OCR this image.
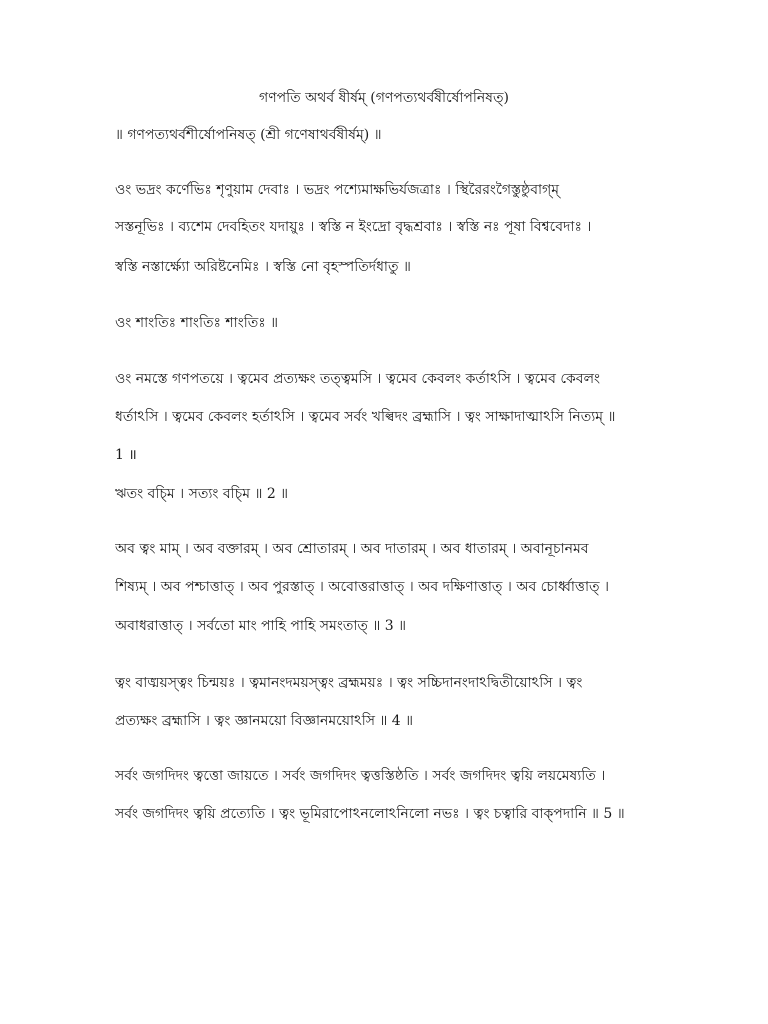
গণপতি অথর্ব ষীর্ষম্ (গণপত্যথর্বষীর্ষোপনিষত্)
॥ গণপত্যথর্বশীর্ষোপনিষত্ (শ্রী গণেষাথর্বষীর্ষম্) ॥
ওং ভদ্রং কর্ণেভিঃ শৃণুয়াম দেবাঃ । ভদ্রং পশ্যেমাক্ষভির্যজত্রাঃ । স্থিরৈরংগৈস্তুষ্ঠুবাগ্‌ম্
সস্তনূভিঃ । ব্যশেম দেবহিতং যদায়ুঃ । স্বস্তি ন ইংদ্রো বৃদ্ধশ্রবাঃ । স্বস্তি নঃ পূষা বিশ্ববেদাঃ ।
স্বস্তি নস্তার্ক্ষ্যো অরিষ্টনেমিঃ । স্বস্তি নো বৃহস্পতির্দধাতু ॥
ওং শাংতিঃ শাংতিঃ শাংতিঃ ॥
ওং নমস্তে গণপতয়ে । ত্বমেব প্রত্যক্ষং তত্ত্বমসি । ত্বমেব কেবলং কর্তাঽসি । ত্বমেব কেবলং
ধর্তাঽসি । ত্বমেব কেবলং হর্তাঽসি । ত্বমেব সর্বং খল্বিদং ব্রহ্মাসি । ত্বং সাক্ষাদাত্মাঽসি নিত্যম্ ॥
1 ॥
ঋতং বচ্মি । সত্যং বচ্মি ॥ 2 ॥
অব ত্বং মাম্ । অব বক্তারম্ । অব শ্রোতারম্ । অব দাতারম্ । অব ধাতারম্ । অবানূচানমব
শিষ্যম্ । অব পশ্চাত্তাত্ । অব পুরস্তাত্ । অবোত্তরাত্তাত্ । অব দক্ষিণাত্তাত্ । অব চোর্ধ্বাত্তাত্ ।
অবাধরাত্তাত্ । সর্বতো মাং পাহি পাহি সমংতাত্ ॥ 3 ॥
ত্বং বাঙ্ময়স্ত্বং চিন্ময়ঃ । ত্বমানংদময়স্ত্বং ব্রহ্মময়ঃ । ত্বং সচ্চিদানংদাঽদ্বিতীয়োঽসি । ত্বং
প্রত্যক্ষং ব্রহ্মাসি । ত্বং জ্ঞানময়ো বিজ্ঞানময়োঽসি ॥ 4 ॥
সর্বং জগদিদং ত্বত্তো জায়তে । সর্বং জগদিদং ত্বত্তস্তিষ্ঠতি । সর্বং জগদিদং ত্বয়ি লয়মেষ্যতি ।
সর্বং জগদিদং ত্বয়ি প্রত্যেতি । ত্বং ভূমিরাপোঽনলোঽনিলো নভঃ । ত্বং চত্বারি বাক্পদানি ॥ 5 ॥
